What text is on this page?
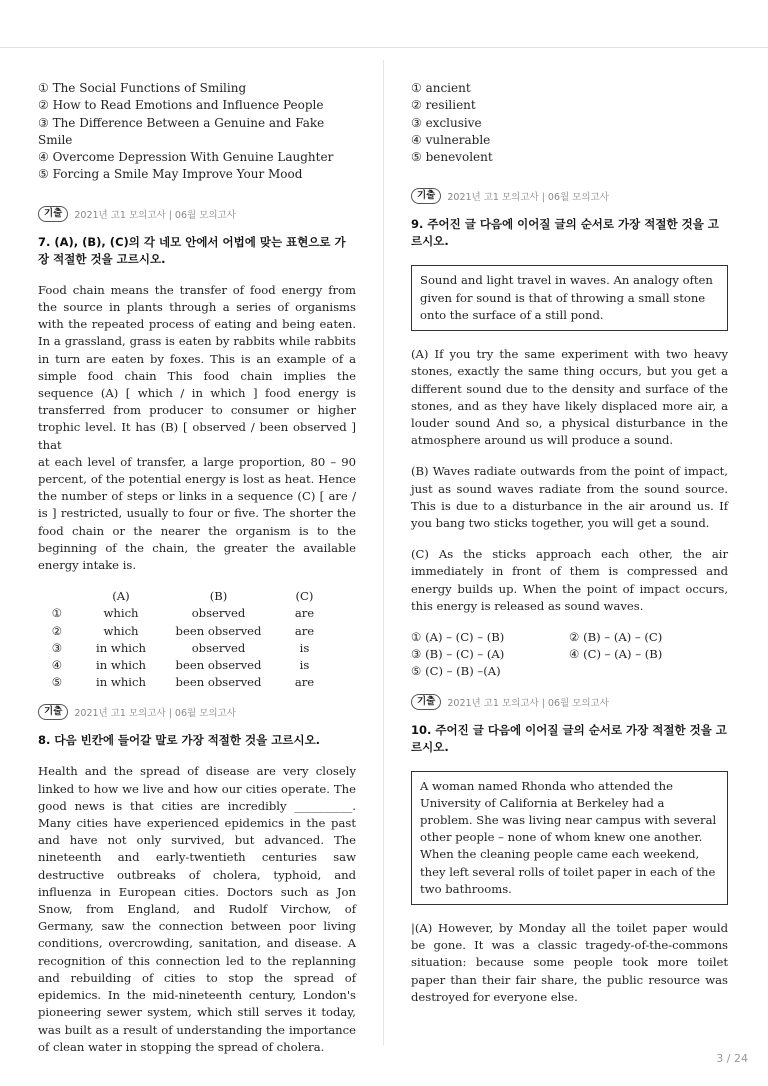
① The Social Functions of Smiling
② How to Read Emotions and Influence People
③ The Difference Between a Genuine and Fake Smile
④ Overcome Depression With Genuine Laughter
⑤ Forcing a Smile May Improve Your Mood
기출	2021년 고1 모의고사 | 06월 모의고사
7. (A), (B), (C)의 각 네모 안에서 어법에 맞는 표현으로 가장 적절한 것을 고르시오.

Food chain means the transfer of food energy from the source in plants through a series of organisms with the repeated process of eating and being eaten. In a grassland, grass is eaten by rabbits while rabbits in turn are eaten by foxes. This is an example of a simple food chain This food chain implies the sequence (A) [ which / in which ] food energy is transferred from producer to consumer or higher trophic level. It has (B) [ observed / been observed ] that

at each level of transfer, a large proportion, 80 – 90 percent, of the potential energy is lost as heat. Hence the number of steps or links in a sequence (C) [ are / is ] restricted, usually to four or five. The shorter the food chain or the nearer the organism is to the beginning of the chain, the greater the available energy intake is.

	(A)	(B)	(C)
①	which	observed	are
②	which	been observed	are
③	in which	observed	is
④	in which	been observed	is
⑤	in which	been observed	are
기출	2021년 고1 모의고사 | 06월 모의고사
8. 다음 빈칸에 들어갈 말로 가장 적절한 것을 고르시오.
Health and the spread of disease are very closely linked to how we live and how our cities operate. The good news is that cities are incredibly __________. Many cities have experienced epidemics in the past and have not only survived, but advanced. The nineteenth and early-twentieth centuries saw destructive outbreaks of cholera, typhoid, and influenza in European cities. Doctors such as Jon Snow, from England, and Rudolf Virchow, of Germany, saw the connection between poor living conditions, overcrowding, sanitation, and disease. A recognition of this connection led to the replanning and rebuilding of cities to stop the spread of epidemics. In the mid-nineteenth century, London's pioneering sewer system, which still serves it today, was built as a result of understanding the importance of clean water in stopping the spread of cholera.
① ancient
② resilient
③ exclusive
④ vulnerable
⑤ benevolent
기출	2021년 고1 모의고사 | 06월 모의고사
9. 주어진 글 다음에 이어질 글의 순서로 가장 적절한 것을 고르시오.
Sound and light travel in waves. An analogy often given for sound is that of throwing a small stone onto the surface of a still pond.
(A) If you try the same experiment with two heavy stones, exactly the same thing occurs, but you get a different sound due to the density and surface of the stones, and as they have likely displaced more air, a louder sound And so, a physical disturbance in the atmosphere around us will produce a sound.
(B) Waves radiate outwards from the point of impact, just as sound waves radiate from the sound source. This is due to a disturbance in the air around us. If you bang two sticks together, you will get a sound.
(C) As the sticks approach each other, the air immediately in front of them is compressed and energy builds up. When the point of impact occurs, this energy is released as sound waves.
① (A) – (C) – (B)	② (B) – (A) – (C)
③ (B) – (C) – (A)	④ (C) – (A) – (B)
⑤ (C) – (B) –(A)
기출	2021년 고1 모의고사 | 06월 모의고사
10. 주어진 글 다음에 이어질 글의 순서로 가장 적절한 것을 고르시오.
A woman named Rhonda who attended the University of California at Berkeley had a problem. She was living near campus with several other people – none of whom knew one another. When the cleaning people came each weekend, they left several rolls of toilet paper in each of the two bathrooms.
|(A) However, by Monday all the toilet paper would be gone. It was a classic tragedy-of-the-commons situation: because some people took more toilet paper than their fair share, the public resource was destroyed for everyone else.
3 / 24
